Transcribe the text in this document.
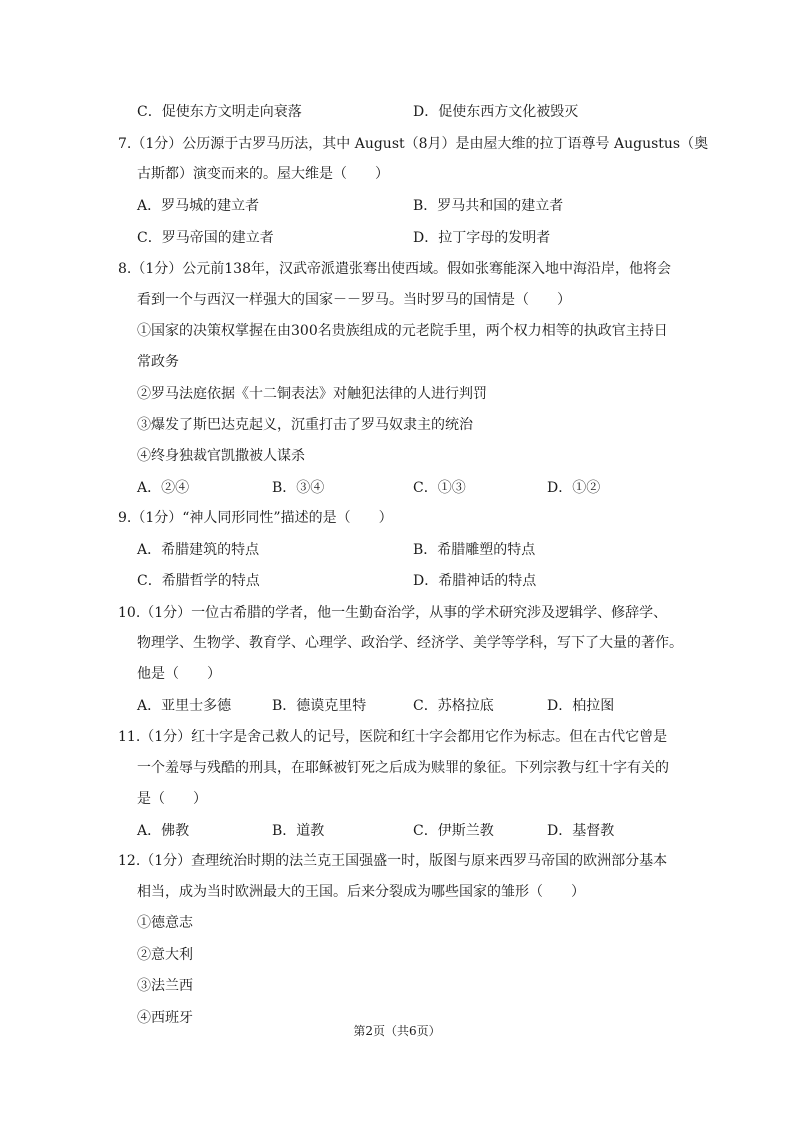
C．促使东方文明走向衰落	D．促使东西方文化被毁灭
7.（1分）公历源于古罗马历法，其中 August（8月）是由屋大维的拉丁语尊号 Augustus（奥
古斯都）演变而来的。屋大维是（　　）
A．罗马城的建立者	B．罗马共和国的建立者
C．罗马帝国的建立者	D．拉丁字母的发明者
8.（1分）公元前138年，汉武帝派遣张骞出使西域。假如张骞能深入地中海沿岸，他将会
看到一个与西汉一样强大的国家－－罗马。当时罗马的国情是（　　）
①国家的决策权掌握在由300名贵族组成的元老院手里，两个权力相等的执政官主持日
常政务
②罗马法庭依据《十二铜表法》对触犯法律的人进行判罚
③爆发了斯巴达克起义，沉重打击了罗马奴隶主的统治
④终身独裁官凯撒被人谋杀
A．②④	B．③④	C．①③	D．①②
9.（1分）“神人同形同性”描述的是（　　）
A．希腊建筑的特点	B．希腊雕塑的特点
C．希腊哲学的特点	D．希腊神话的特点
10.（1分）一位古希腊的学者，他一生勤奋治学，从事的学术研究涉及逻辑学、修辞学、
物理学、生物学、教育学、心理学、政治学、经济学、美学等学科，写下了大量的著作。
他是（　　）
A．亚里士多德	B．德谟克里特	C．苏格拉底	D．柏拉图
11.（1分）红十字是舍己救人的记号，医院和红十字会都用它作为标志。但在古代它曾是
一个羞辱与残酷的刑具，在耶稣被钉死之后成为赎罪的象征。下列宗教与红十字有关的
是（　　）
A．佛教	B．道教	C．伊斯兰教	D．基督教
12.（1分）查理统治时期的法兰克王国强盛一时，版图与原来西罗马帝国的欧洲部分基本
相当，成为当时欧洲最大的王国。后来分裂成为哪些国家的雏形（　　）
①德意志
②意大利
③法兰西
④西班牙
第2页（共6页）
